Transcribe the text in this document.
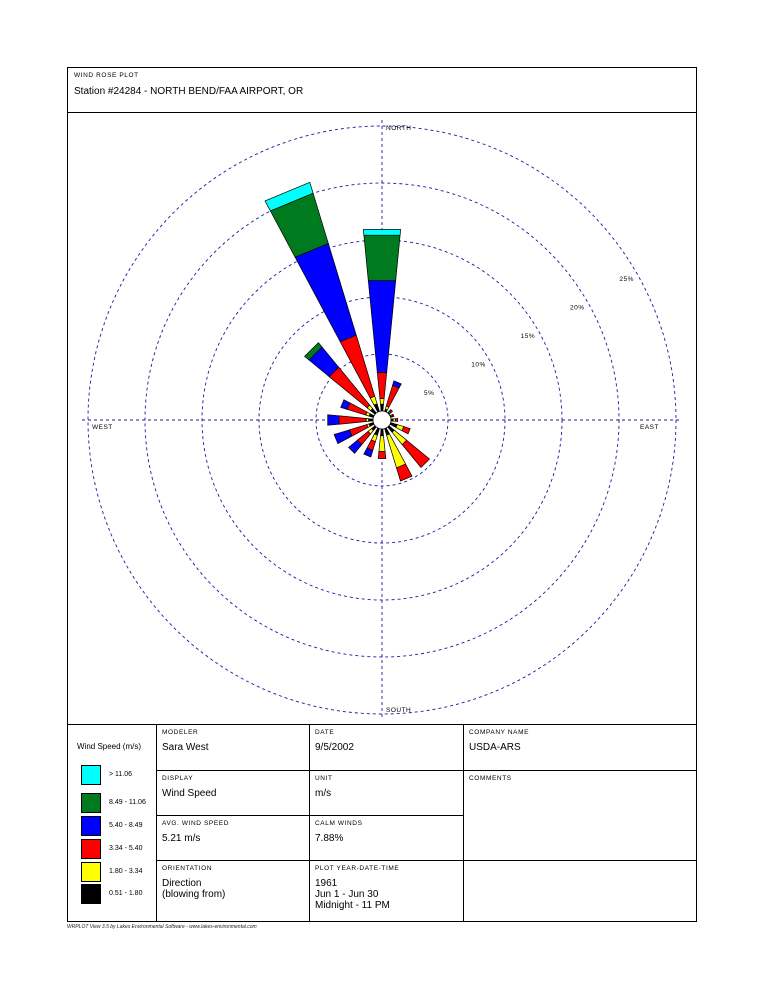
WIND ROSE PLOT
Station #24284 - NORTH BEND/FAA AIRPORT, OR
NORTH
SOUTH
EAST
WEST
5%
10%
15%
20%
25%
Wind Speed (m/s)
> 11.06
8.49 - 11.06
5.40 - 8.49
3.34 - 5.40
1.80 - 3.34
0.51 - 1.80
MODELER
Sara West
DATE
9/5/2002
COMPANY NAME
USDA-ARS
DISPLAY
Wind Speed
UNIT
m/s
COMMENTS
AVG. WIND SPEED
5.21 m/s
CALM WINDS
7.88%
ORIENTATION
Direction
(blowing from)
PLOT YEAR-DATE-TIME
1961
Jun 1 - Jun 30
Midnight - 11 PM
WRPLOT View 3.5 by Lakes Environmental Software - www.lakes-environmental.com
